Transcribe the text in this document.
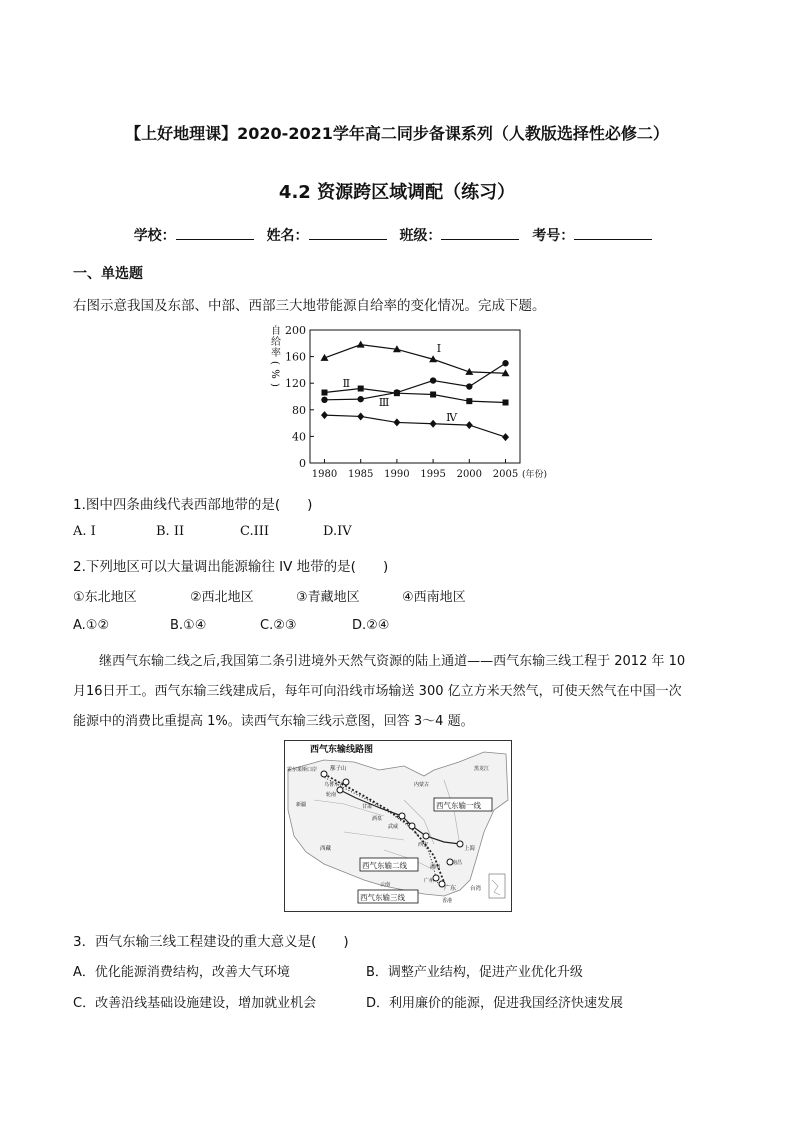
【上好地理课】2020-2021学年高二同步备课系列（人教版选择性必修二）
4.2 资源跨区域调配（练习）
学校：	姓名：	班级：	考号：
一、单选题
右图示意我国及东部、中部、西部三大地带能源自给率的变化情况。完成下题。
0
40
80
120
160
200
1980 1985 1990 1995 2000 2005
自
给
率
(
%
)
(年份)
Ⅰ
Ⅱ
Ⅲ
Ⅳ
1.图中四条曲线代表西部地带的是(　　)
A. I	B. II	C.III	D.IV
2.下列地区可以大量调出能源输往 IV 地带的是(　　)
①东北地区	②西北地区	③青藏地区	④西南地区
A.①②	B.①④	C.②③	D.②④
继西气东输二线之后,我国第二条引进境外天然气资源的陆上通道——西气东输三线工程于 2012 年 10
月16日开工。西气东输三线建成后，每年可向沿线市场输送 300 亿立方米天然气，可使天然气在中国一次
能源中的消费比重提高 1%。读西气东输三线示意图，回答 3～4 题。
西气东输线路图
西气东输一线
西气东输二线
西气东输三线
霍尔果斯口岸 鄯子山
乌鲁木齐
轮南
新疆	甘肃
酒泉
武威
西安
上海
南昌
广州
广东
香港
台湾
西藏
云南
内蒙古
黑龙江
湖南
3．西气东输三线工程建设的重大意义是(　　)
A．优化能源消费结构，改善大气环境	B．调整产业结构，促进产业优化升级
C．改善沿线基础设施建设，增加就业机会	D．利用廉价的能源，促进我国经济快速发展
